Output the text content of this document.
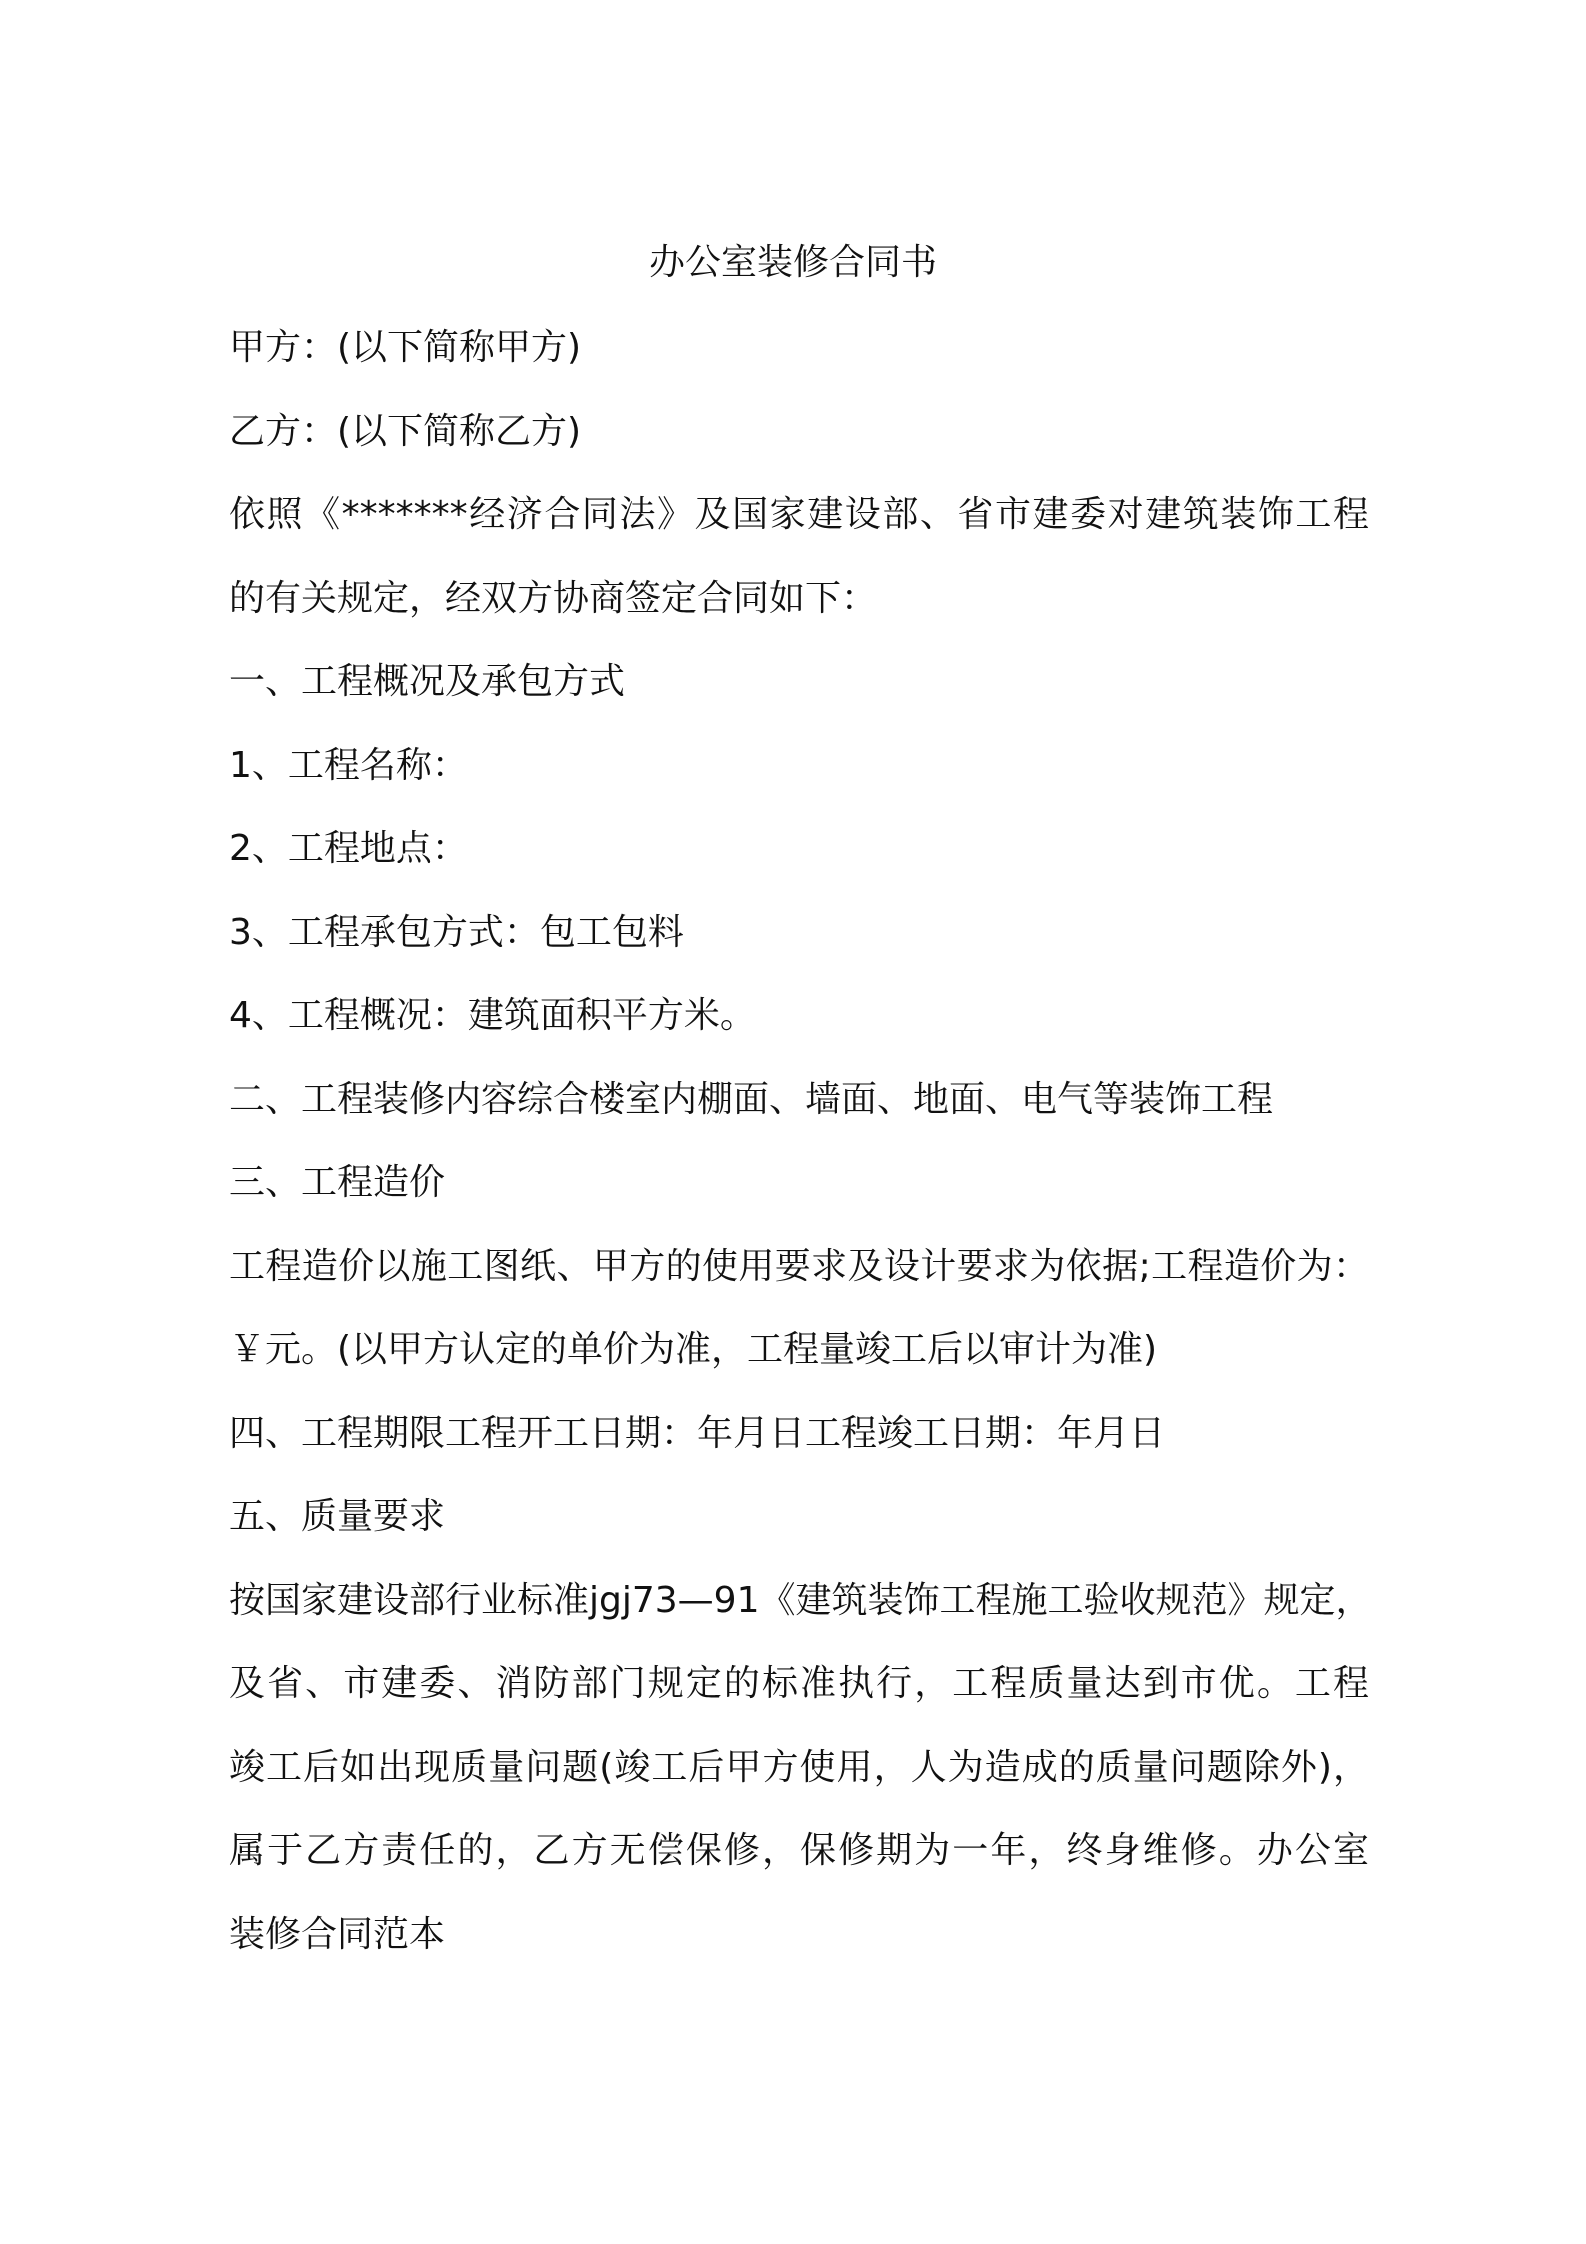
办公室装修合同书
甲方：(以下简称甲方)
乙方：(以下简称乙方)
依照《*******经济合同法》及国家建设部、省市建委对建筑装饰工程
的有关规定，经双方协商签定合同如下：
一、工程概况及承包方式
1、工程名称：
2、工程地点：
3、工程承包方式：包工包料
4、工程概况：建筑面积平方米。
二、工程装修内容综合楼室内棚面、墙面、地面、电气等装饰工程
三、工程造价
工程造价以施工图纸、甲方的使用要求及设计要求为依据;工程造价为：
￥元。(以甲方认定的单价为准，工程量竣工后以审计为准)
四、工程期限工程开工日期：年月日工程竣工日期：年月日
五、质量要求
按国家建设部行业标准jgj73—91《建筑装饰工程施工验收规范》规定，
及省、市建委、消防部门规定的标准执行，工程质量达到市优。工程
竣工后如出现质量问题(竣工后甲方使用，人为造成的质量问题除外)，
属于乙方责任的，乙方无偿保修，保修期为一年，终身维修。办公室
装修合同范本
